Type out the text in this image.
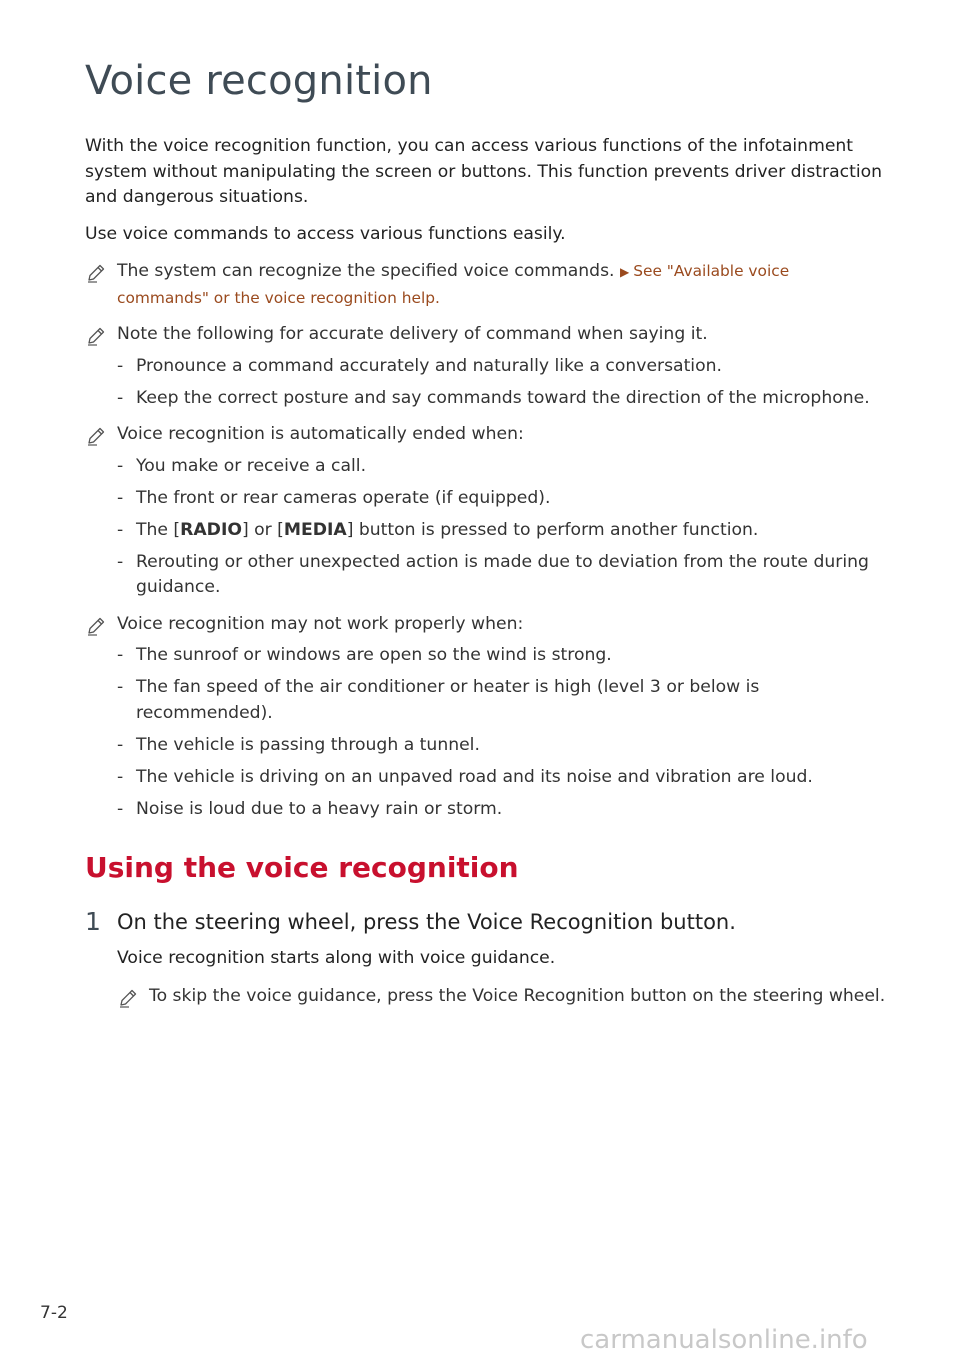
Voice recognition

With the voice recognition function, you can access various functions of the infotainment system without manipulating the screen or buttons. This function prevents driver distraction and dangerous situations.

Use voice commands to access various functions easily.

The system can recognize the specified voice commands. ▶ See "Available voice commands" or the voice recognition help.
Note the following for accurate delivery of command when saying it.
- Pronounce a command accurately and naturally like a conversation.
- Keep the correct posture and say commands toward the direction of the microphone.
Voice recognition is automatically ended when:
- You make or receive a call.
- The front or rear cameras operate (if equipped).
- The [RADIO] or [MEDIA] button is pressed to perform another function.
- Rerouting or other unexpected action is made due to deviation from the route during guidance.
Voice recognition may not work properly when:
- The sunroof or windows are open so the wind is strong.
- The fan speed of the air conditioner or heater is high (level 3 or below is recommended).
- The vehicle is passing through a tunnel.
- The vehicle is driving on an unpaved road and its noise and vibration are loud.
- Noise is loud due to a heavy rain or storm.
Using the voice recognition
1 On the steering wheel, press the Voice Recognition button.

Voice recognition starts along with voice guidance.

To skip the voice guidance, press the Voice Recognition button on the steering wheel.
7-2
carmanualsonline.info
